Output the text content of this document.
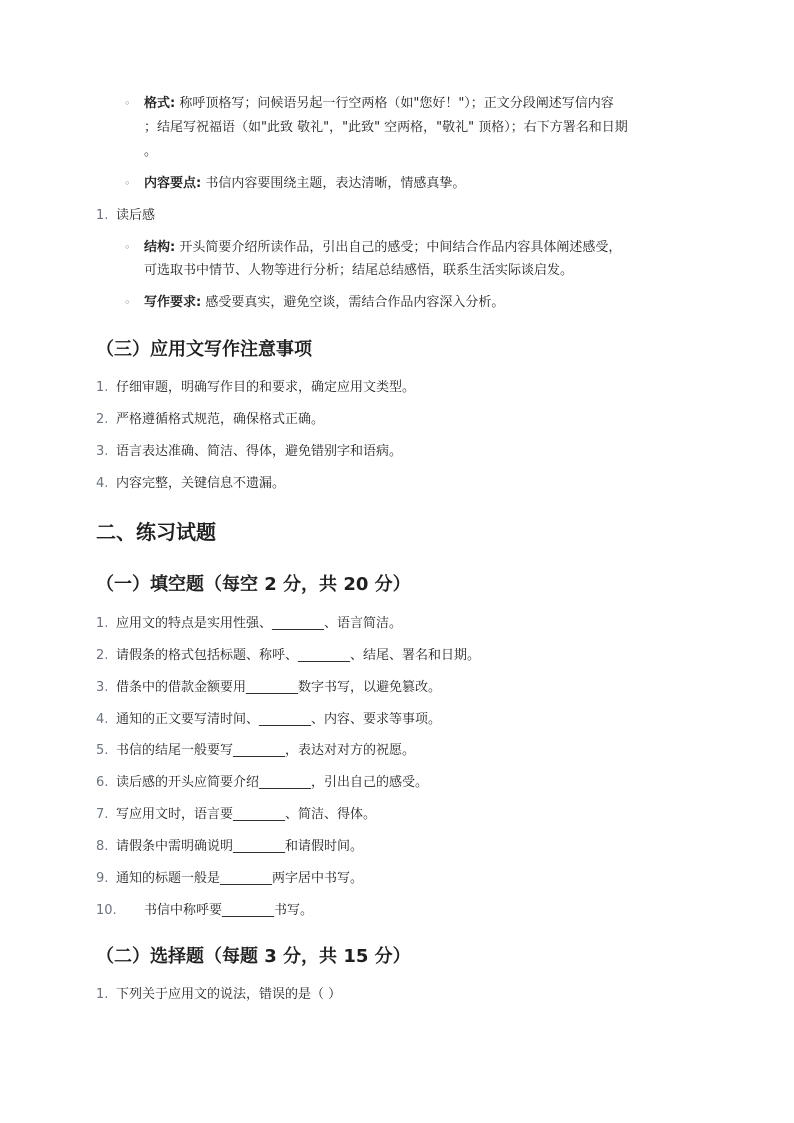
◦ 格式: 称呼顶格写；问候语另起一行空两格（如"您好！"）；正文分段阐述写信内容
；结尾写祝福语（如"此致 敬礼"，"此致" 空两格，"敬礼" 顶格）；右下方署名和日期
。
◦ 内容要点: 书信内容要围绕主题，表达清晰，情感真挚。
1. 读后感
◦ 结构: 开头简要介绍所读作品，引出自己的感受；中间结合作品内容具体阐述感受，
可选取书中情节、人物等进行分析；结尾总结感悟，联系生活实际谈启发。
◦ 写作要求: 感受要真实，避免空谈，需结合作品内容深入分析。
（三）应用文写作注意事项
1. 仔细审题，明确写作目的和要求，确定应用文类型。
2. 严格遵循格式规范，确保格式正确。
3. 语言表达准确、简洁、得体，避免错别字和语病。
4. 内容完整，关键信息不遗漏。
二、练习试题
（一）填空题（每空 2 分，共 20 分）
1. 应用文的特点是实用性强、________、语言简洁。
2. 请假条的格式包括标题、称呼、________、结尾、署名和日期。
3. 借条中的借款金额要用________数字书写，以避免篡改。
4. 通知的正文要写清时间、________、内容、要求等事项。
5. 书信的结尾一般要写________，表达对对方的祝愿。
6. 读后感的开头应简要介绍________，引出自己的感受。
7. 写应用文时，语言要________、简洁、得体。
8. 请假条中需明确说明________和请假时间。
9. 通知的标题一般是________两字居中书写。
10. 书信中称呼要________书写。
（二）选择题（每题 3 分，共 15 分）
1. 下列关于应用文的说法，错误的是（ ）
